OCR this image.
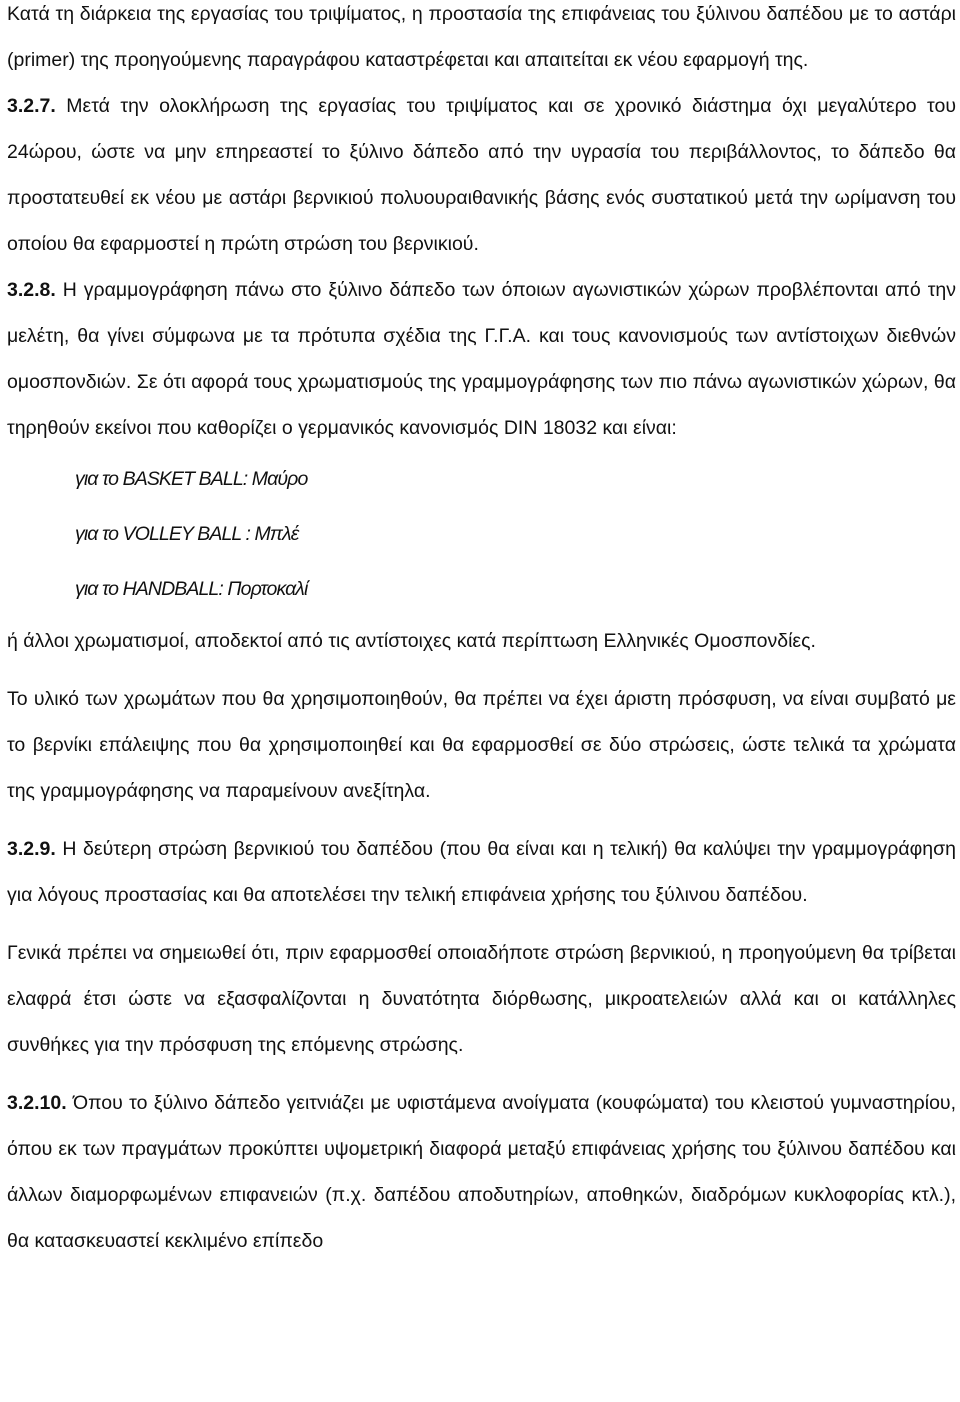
Κατά τη διάρκεια της εργασίας του τριψίματος, η προστασία της επιφάνειας του ξύλινου δαπέδου με το αστάρι (primer) της προηγούμενης παραγράφου καταστρέφεται και απαιτείται εκ νέου εφαρμογή της.

3.2.7. Μετά την ολοκλήρωση της εργασίας του τριψίματος και σε χρονικό διάστημα όχι μεγαλύτερο του 24ώρου, ώστε να μην επηρεαστεί το ξύλινο δάπεδο από την υγρασία του περιβάλλοντος, το δάπεδο θα προστατευθεί εκ νέου με αστάρι βερνικιού πολυουραιθανικής βάσης ενός συστατικού μετά την ωρίμανση του οποίου θα εφαρμοστεί η πρώτη στρώση του βερνικιού.

3.2.8. Η γραμμογράφηση πάνω στο ξύλινο δάπεδο των όποιων αγωνιστικών χώρων προβλέπονται από την μελέτη, θα γίνει σύμφωνα με τα πρότυπα σχέδια της Γ.Γ.Α. και τους κανονισμούς των αντίστοιχων διεθνών ομοσπονδιών. Σε ότι αφορά τους χρωματισμούς της γραμμογράφησης των πιο πάνω αγωνιστικών χώρων, θα τηρηθούν εκείνοι που καθορίζει ο γερμανικός κανονισμός DIN 18032 και είναι:

για το BASKET BALL: Μαύρο
για το VOLLEY BALL : Μπλέ
για το HANDBALL: Πορτοκαλί

ή άλλοι χρωματισμοί, αποδεκτοί από τις αντίστοιχες κατά περίπτωση Ελληνικές Ομοσπονδίες.

Το υλικό των χρωμάτων που θα χρησιμοποιηθούν, θα πρέπει να έχει άριστη πρόσφυση, να είναι συμβατό με το βερνίκι επάλειψης που θα χρησιμοποιηθεί και θα εφαρμοσθεί σε δύο στρώσεις, ώστε τελικά τα χρώματα της γραμμογράφησης να παραμείνουν ανεξίτηλα.

3.2.9. Η δεύτερη στρώση βερνικιού του δαπέδου (που θα είναι και η τελική) θα καλύψει την γραμμογράφηση για λόγους προστασίας και θα αποτελέσει την τελική επιφάνεια χρήσης του ξύλινου δαπέδου.

Γενικά πρέπει να σημειωθεί ότι, πριν εφαρμοσθεί οποιαδήποτε στρώση βερνικιού, η προηγούμενη θα τρίβεται ελαφρά έτσι ώστε να εξασφαλίζονται η δυνατότητα διόρθωσης, μικροατελειών αλλά και οι κατάλληλες συνθήκες για την πρόσφυση της επόμενης στρώσης.

3.2.10. Όπου το ξύλινο δάπεδο γειτνιάζει με υφιστάμενα ανοίγματα (κουφώματα) του κλειστού γυμναστηρίου, όπου εκ των πραγμάτων προκύπτει υψομετρική διαφορά μεταξύ επιφάνειας χρήσης του ξύλινου δαπέδου και άλλων διαμορφωμένων επιφανειών (π.χ. δαπέδου αποδυτηρίων, αποθηκών, διαδρόμων κυκλοφορίας κτλ.), θα κατασκευαστεί κεκλιμένο επίπεδο
